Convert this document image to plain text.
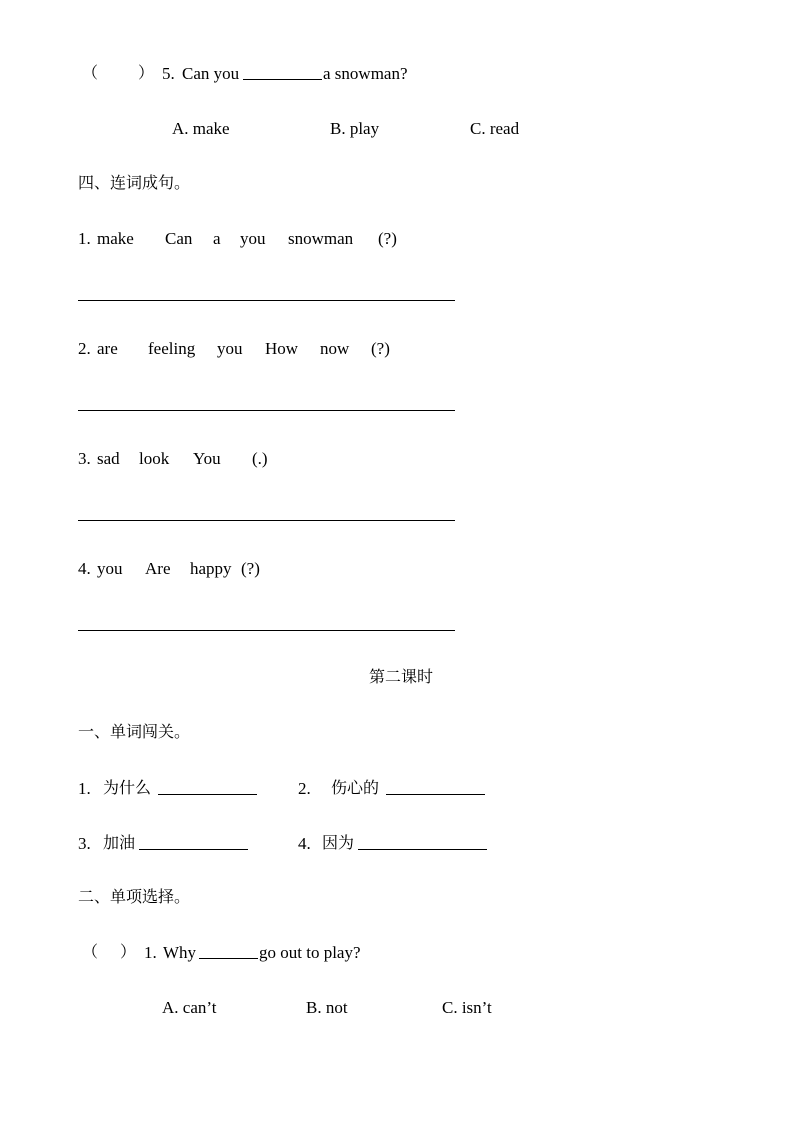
（ ） 5. Can you	a snowman?
A. make	B. play	C. read
四、连词成句。
1. make Can a you snowman (?)
2. are feeling you How now (?)
3. sad look You (.)
4. you Are happy (?)
第二课时
一、单词闯关。
1. 为什么	2. 伤心的
3. 加油	4. 因为
二、单项选择。
（ ） 1. Why	go out to play?
A. can’t	B. not	C. isn’t
